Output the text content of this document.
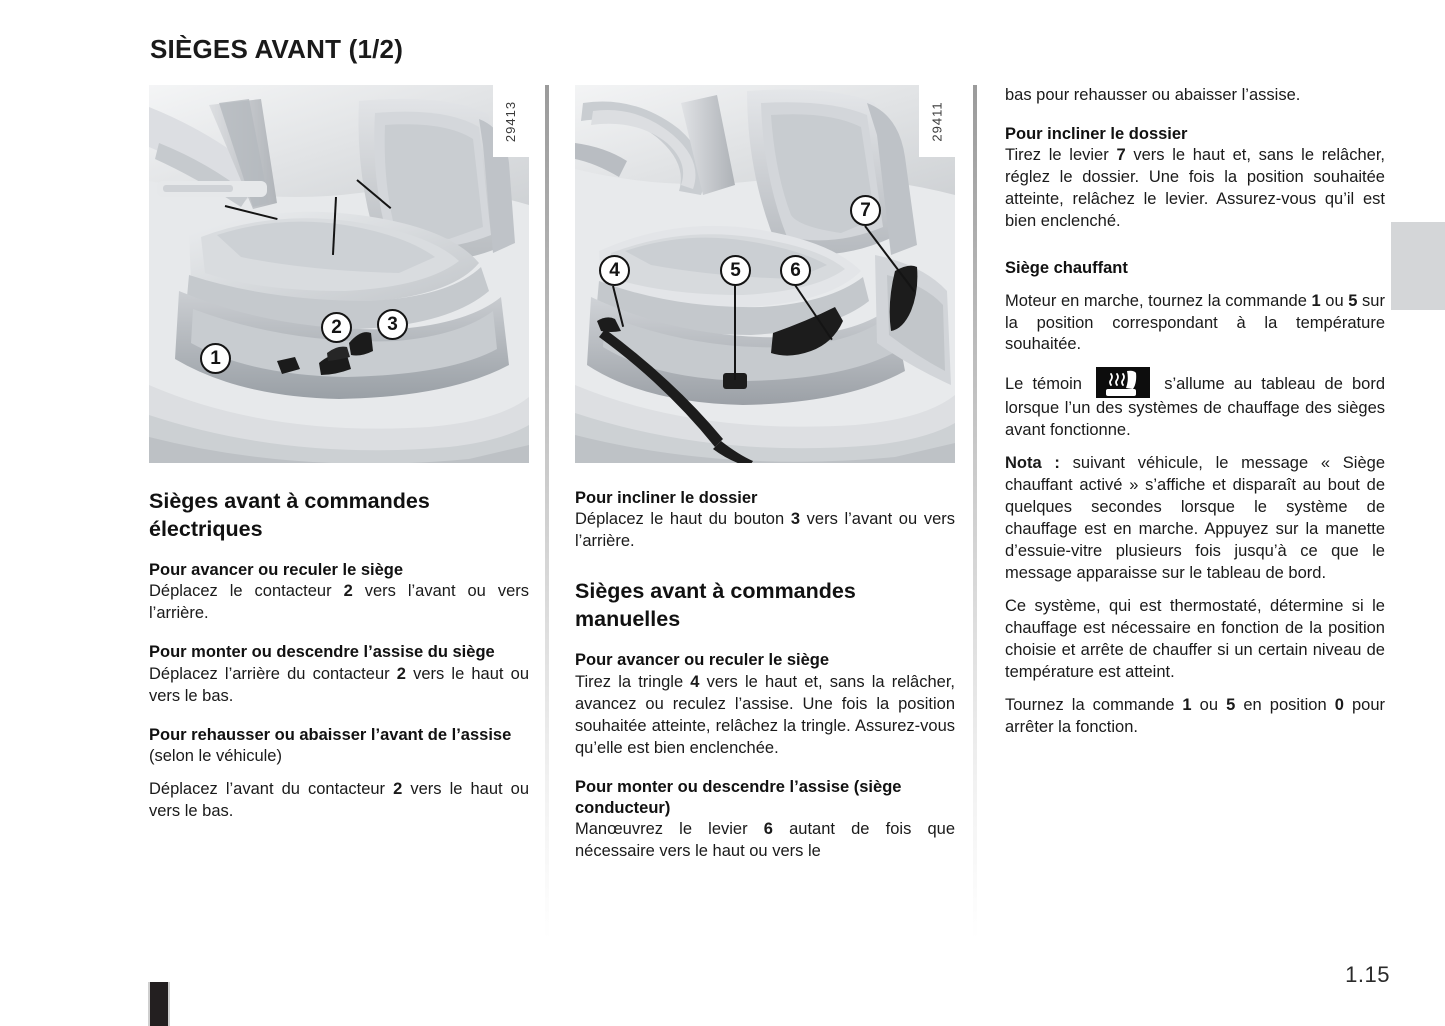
SIÈGES AVANT (1/2)
1
2	3
29413
Sièges avant à commandes électriques
Pour avancer ou reculer le siège

Déplacez le contacteur 2 vers l’avant ou vers l’arrière.

Pour monter ou descendre l’assise du siège

Déplacez l’arrière du contacteur 2 vers le haut ou vers le bas.

Pour rehausser ou abaisser l’avant de l’assise

(selon le véhicule)

Déplacez l’avant du contacteur 2 vers le haut ou vers le bas.

4	5	6
7
29411
Pour incliner le dossier

Déplacez le haut du bouton 3 vers l’avant ou vers l’arrière.

Sièges avant à commandes manuelles
Pour avancer ou reculer le siège

Tirez la tringle 4 vers le haut et, sans la relâcher, avancez ou reculez l’assise. Une fois la position souhaitée atteinte, relâchez la tringle. Assurez-vous qu’elle est bien enclenchée.

Pour monter ou descendre l’assise (siège conducteur)

Manœuvrez le levier 6 autant de fois que nécessaire vers le haut ou vers le

bas pour rehausser ou abaisser l’assise.

Pour incliner le dossier

Tirez le levier 7 vers le haut et, sans le relâcher, réglez le dossier. Une fois la position souhaitée atteinte, relâchez le levier. Assurez-vous qu’il est bien enclenché.

Siège chauffant

Moteur en marche, tournez la commande 1 ou 5 sur la position correspondant à la température souhaitée.

Le témoin	s’allume au tableau de bord lorsque l’un des systèmes de chauffage des sièges avant fonctionne.

Nota : suivant véhicule, le message « Siège chauffant activé » s’affiche et disparaît au bout de quelques secondes lorsque le système de chauffage est en marche. Appuyez sur la manette d’essuie-vitre plusieurs fois jusqu’à ce que le message apparaisse sur le tableau de bord.

Ce système, qui est thermostaté, détermine si le chauffage est nécessaire en fonction de la position choisie et arrête de chauffer si un certain niveau de température est atteint.

Tournez la commande 1 ou 5 en position 0 pour arrêter la fonction.

1.15
